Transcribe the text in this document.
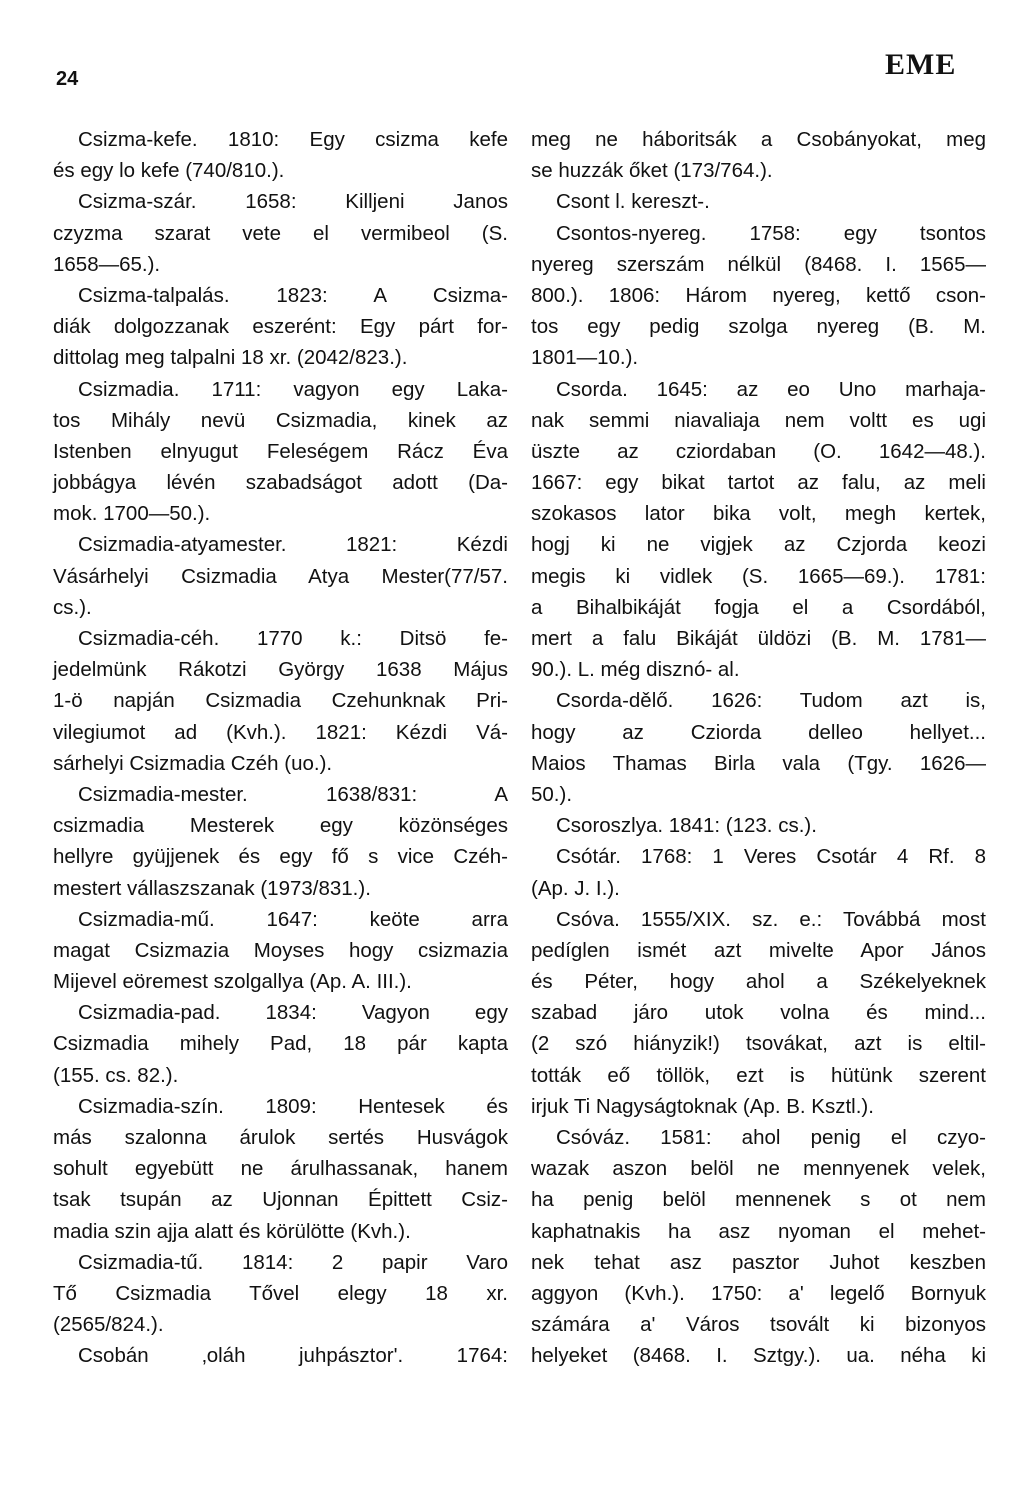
24	EME
Csizma-kefe. 1810: Egy csizma kefe
és egy lo kefe (740/810.).
Csizma-szár. 1658: Killjeni Janos
czyzma szarat vete el vermibeol (S.
1658—65.).
Csizma-talpalás. 1823: A Csizma-
diák dolgozzanak eszerént: Egy párt for-
dittolag meg talpalni 18 xr. (2042/823.).
Csizmadia. 1711: vagyon egy Laka-
tos Mihály nevü Csizmadia, kinek az
Istenben elnyugut Feleségem Rácz Éva
jobbágya lévén szabadságot adott (Da-
mok. 1700—50.).
Csizmadia-atyamester. 1821: Kézdi
Vásárhelyi Csizmadia Atya Mester(77/57.
cs.).
Csizmadia-céh. 1770 k.: Ditsö fe-
jedelmünk Rákotzi György 1638 Május
1-ö napján Csizmadia Czehunknak Pri-
vilegiumot ad (Kvh.). 1821: Kézdi Vá-
sárhelyi Csizmadia Czéh (uo.).
Csizmadia-mester. 1638/831: A
csizmadia Mesterek egy közönséges
hellyre gyüjjenek és egy fő s vice Czéh-
mestert vállaszszanak (1973/831.).
Csizmadia-mű. 1647: keöte arra
magat Csizmazia Moyses hogy csizmazia
Mijevel eöremest szolgallya (Ap. A. III.).
Csizmadia-pad. 1834: Vagyon egy
Csizmadia mihely Pad, 18 pár kapta
(155. cs. 82.).
Csizmadia-szín. 1809: Hentesek és
más szalonna árulok sertés Husvágok
sohult egyebütt ne árulhassanak, hanem
tsak tsupán az Ujonnan Épittett Csiz-
madia szin ajja alatt és körülötte (Kvh.).
Csizmadia-tű. 1814: 2 papir Varo
Tő Csizmadia Tővel elegy 18 xr.
(2565/824.).
Csobán ‚oláh juhpásztor'. 1764:
meg ne háboritsák a Csobányokat, meg
se huzzák őket (173/764.).
Csont l. kereszt-.
Csontos-nyereg. 1758: egy tsontos
nyereg szerszám nélkül (8468. I. 1565—
800.). 1806: Három nyereg, kettő cson-
tos egy pedig szolga nyereg (B. M.
1801—10.).
Csorda. 1645: az eo Uno marhaja-
nak semmi niavaliaja nem voltt es ugi
üszte az cziordaban (O. 1642—48.).
1667: egy bikat tartot az falu, az meli
szokasos lator bika volt, megh kertek,
hogj ki ne vigjek az Czjorda keozi
megis ki vidlek (S. 1665—69.). 1781:
a Bihalbikáját fogja el a Csordából,
mert a falu Bikáját üldözi (B. M. 1781—
90.). L. még disznó- al.
Csorda-dělő. 1626: Tudom azt is,
hogy az Cziorda delleo hellyet...
Maios Thamas Birla vala (Tgy. 1626—
50.).
Csoroszlya. 1841: (123. cs.).
Csótár. 1768: 1 Veres Csotár 4 Rf. 8
(Ap. J. I.).
Csóva. 1555/XIX. sz. e.: Továbbá most
pedíglen ismét azt mivelte Apor János
és Péter, hogy ahol a Székelyeknek
szabad járo utok volna és mind...
(2 szó hiányzik!) tsovákat, azt is eltil-
tották eő töllök, ezt is hütünk szerent
irjuk Ti Nagyságtoknak (Ap. B. Ksztl.).
Csóváz. 1581: ahol penig el czyo-
wazak aszon belöl ne mennyenek velek,
ha penig belöl mennenek s ot nem
kaphatnakis ha asz nyoman el mehet-
nek tehat asz pasztor Juhot keszben
aggyon (Kvh.). 1750: a' legelő Bornyuk
számára a' Város tsovált ki bizonyos
helyeket (8468. I. Sztgy.). ua. néha ki
